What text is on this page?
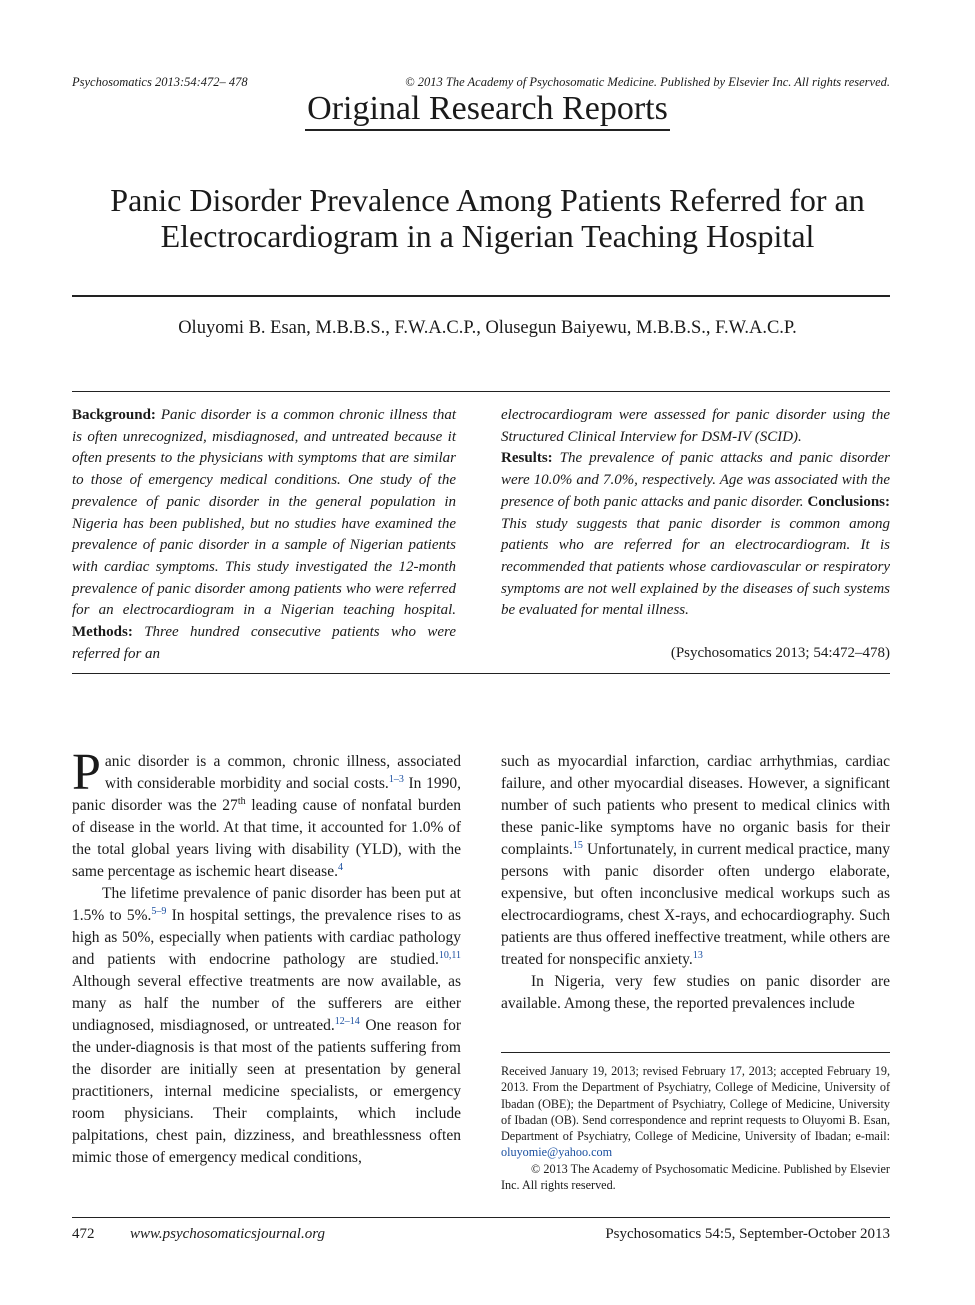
Psychosomatics 2013:54:472– 478	© 2013 The Academy of Psychosomatic Medicine. Published by Elsevier Inc. All rights reserved.
Original Research Reports
Panic Disorder Prevalence Among Patients Referred for an
Electrocardiogram in a Nigerian Teaching Hospital
Oluyomi B. Esan, M.B.B.S., F.W.A.C.P., Olusegun Baiyewu, M.B.B.S., F.W.A.C.P.
Background: Panic disorder is a common chronic illness that is often unrecognized, misdiagnosed, and untreated because it often presents to the physicians with symptoms that are similar to those of emergency medical conditions. One study of the prevalence of panic disorder in the general population in Nigeria has been published, but no studies have examined the prevalence of panic disorder in a sample of Nigerian patients with cardiac symptoms. This study investigated the 12-month prevalence of panic disorder among patients who were referred for an electrocardiogram in a Nigerian teaching hospital. Methods: Three hundred consecutive patients who were referred for an
electrocardiogram were assessed for panic disorder using the Structured Clinical Interview for DSM-IV (SCID).
Results: The prevalence of panic attacks and panic disorder were 10.0% and 7.0%, respectively. Age was associated with the presence of both panic attacks and panic disorder. Conclusions: This study suggests that panic disorder is common among patients who are referred for an electrocardiogram. It is recommended that patients whose cardiovascular or respiratory symptoms are not well explained by the diseases of such systems be evaluated for mental illness.
(Psychosomatics 2013; 54:472–478)

Panic disorder is a common, chronic illness, associated with considerable morbidity and social costs.$^{1-3}$ In 1990, panic disorder was the 27th leading cause of nonfatal burden of disease in the world. At that time, it accounted for 1.0% of the total global years living with disability (YLD), with the same percentage as ischemic heart disease.$^4$

The lifetime prevalence of panic disorder has been put at 1.5% to 5%.$^{5-9}$ In hospital settings, the prevalence rises to as high as 50%, especially when patients with cardiac pathology and patients with endocrine pathology are studied.$^{10,11}$ Although several effective treatments are now available, as many as half the number of the sufferers are either undiagnosed, misdiagnosed, or untreated.$^{12-14}$ One reason for the under-diagnosis is that most of the patients suffering from the disorder are initially seen at presentation by general practitioners, internal medicine specialists, or emergency room physicians. Their complaints, which include palpitations, chest pain, dizziness, and breathlessness often mimic those of emergency medical conditions,

such as myocardial infarction, cardiac arrhythmias, cardiac failure, and other myocardial diseases. However, a significant number of such patients who present to medical clinics with these panic-like symptoms have no organic basis for their complaints.$^{15}$ Unfortunately, in current medical practice, many persons with panic disorder often undergo elaborate, expensive, but often inconclusive medical workups such as electrocardiograms, chest X-rays, and echocardiography. Such patients are thus offered ineffective treatment, while others are treated for nonspecific anxiety.$^{13}$

In Nigeria, very few studies on panic disorder are available. Among these, the reported prevalences include

Received January 19, 2013; revised February 17, 2013; accepted February 19, 2013. From the Department of Psychiatry, College of Medicine, University of Ibadan (OBE); the Department of Psychiatry, College of Medicine, University of Ibadan (OB). Send correspondence and reprint requests to Oluyomi B. Esan, Department of Psychiatry, College of Medicine, University of Ibadan; e-mail: oluyomie@yahoo.com

© 2013 The Academy of Psychosomatic Medicine. Published by Elsevier Inc. All rights reserved.

472 www.psychosomaticsjournal.org	Psychosomatics 54:5, September-October 2013
